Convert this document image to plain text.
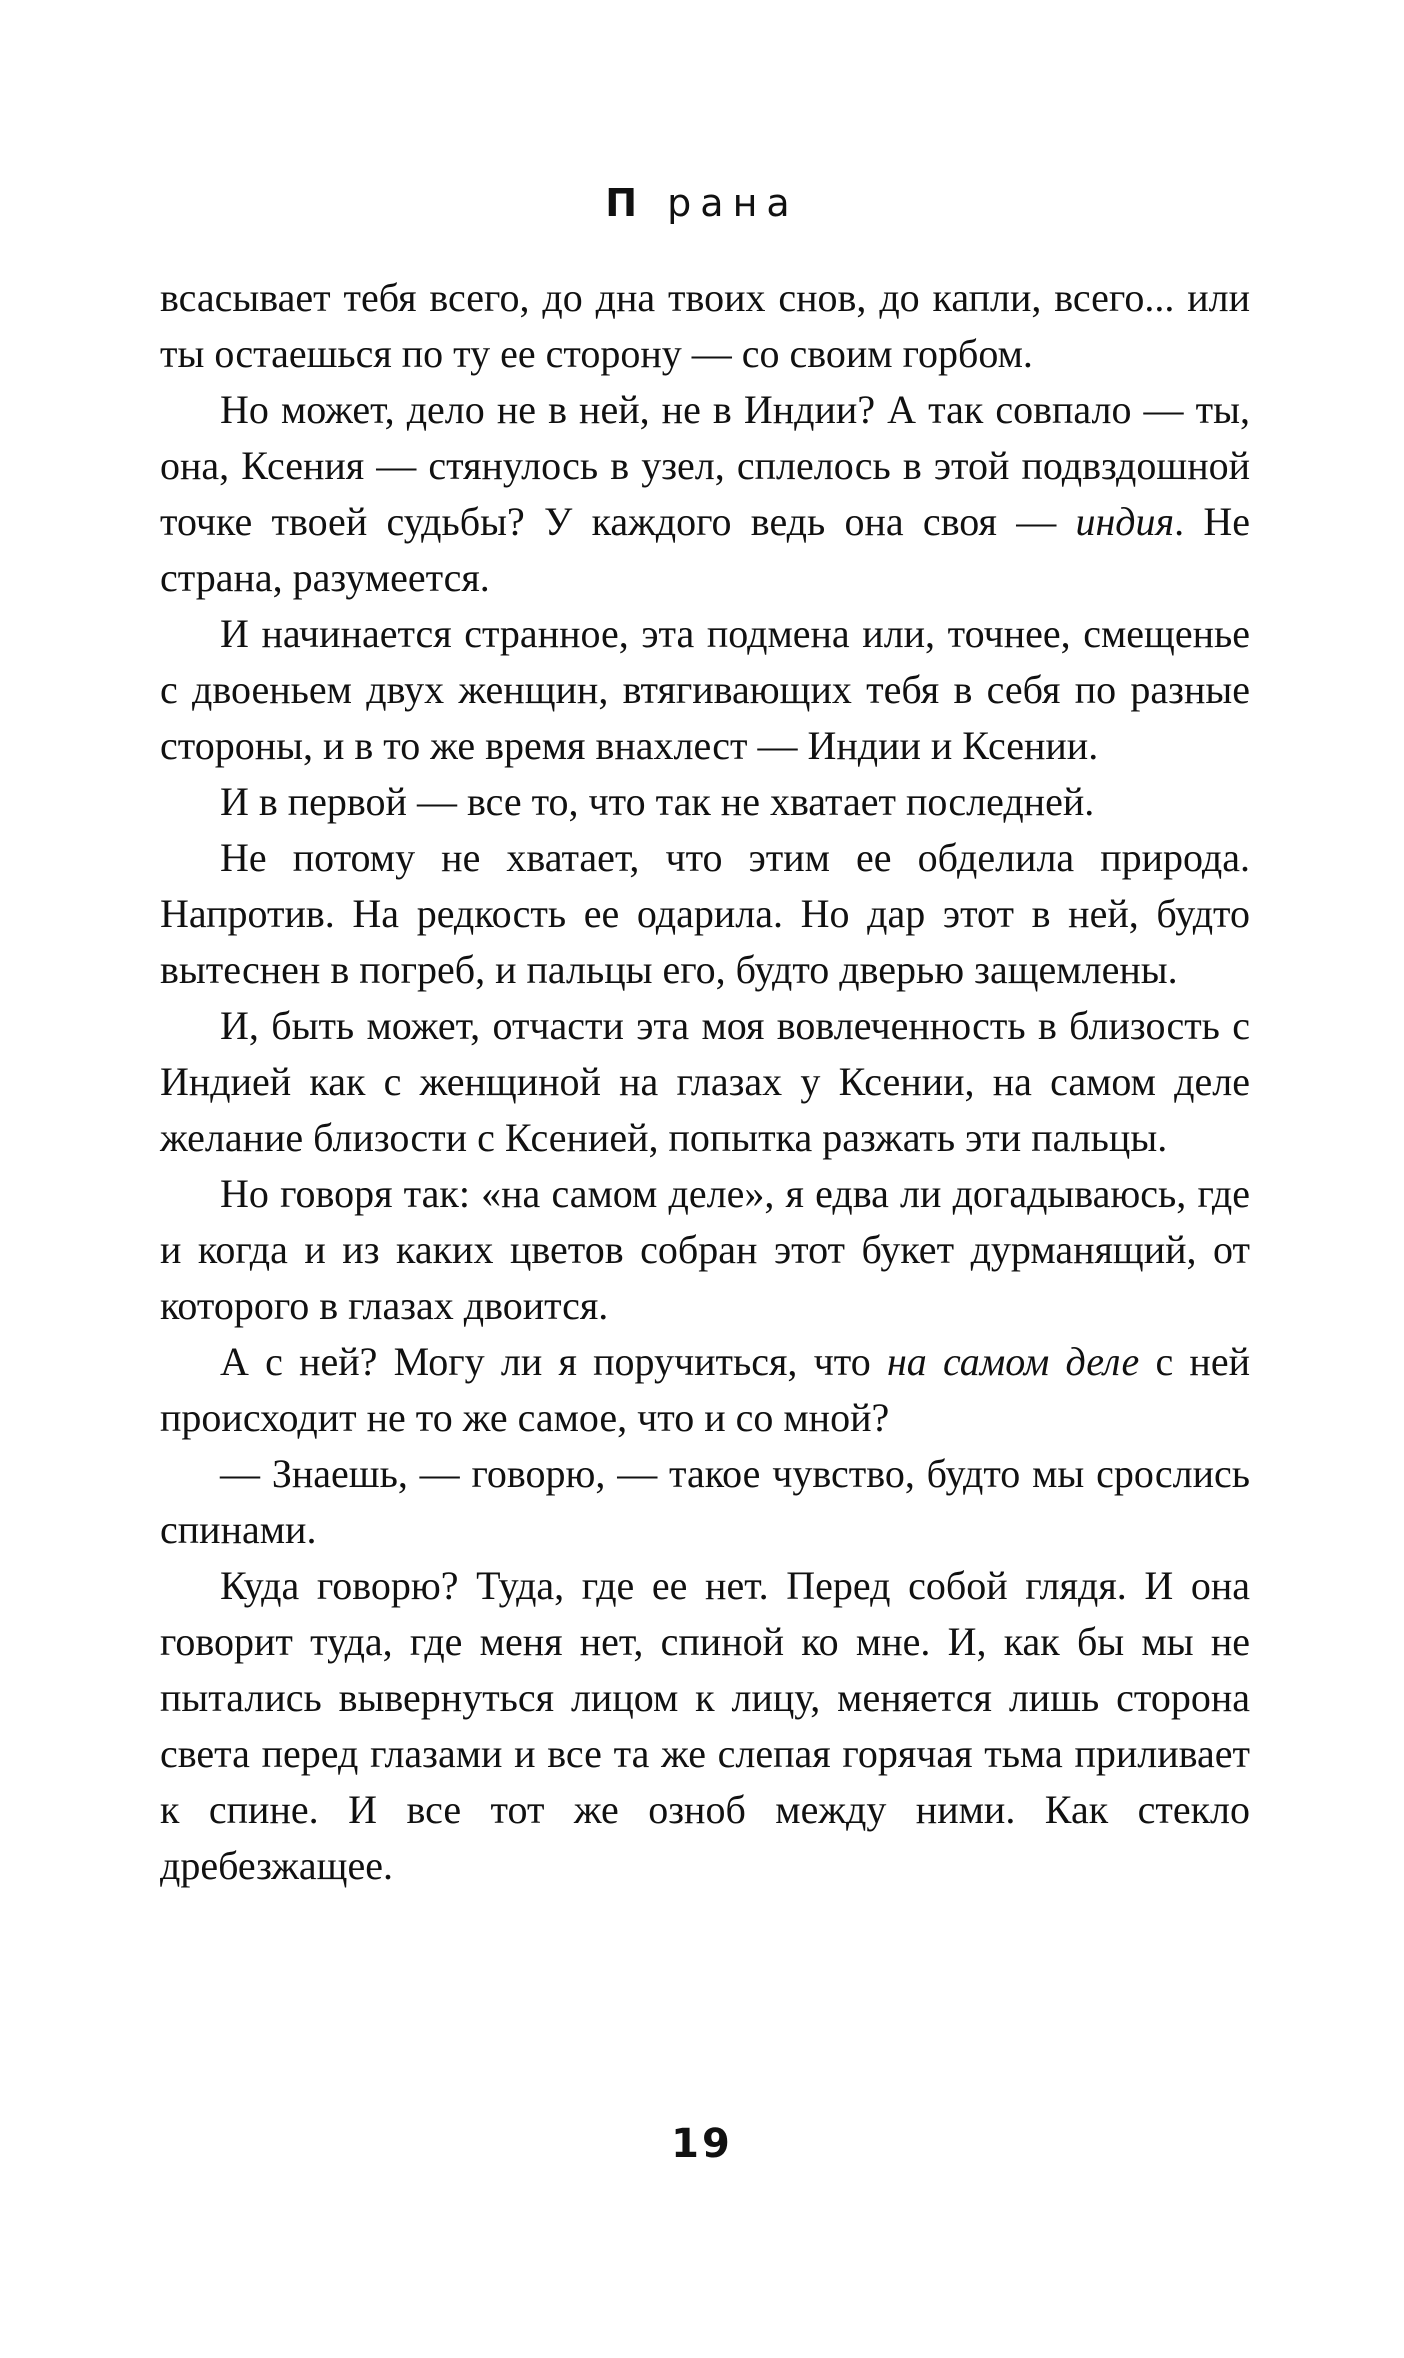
П рана

всасывает тебя всего, до дна твоих снов, до капли, всего... или ты остаешься по ту ее сторону — со своим горбом.

Но может, дело не в ней, не в Индии? А так совпало — ты, она, Ксения — стянулось в узел, сплелось в этой подвздошной точке твоей судьбы? У каждого ведь она своя — индия. Не страна, разумеется.

И начинается странное, эта подмена или, точнее, смещенье с двоеньем двух женщин, втягивающих тебя в себя по разные стороны, и в то же время внахлест — Индии и Ксении.

И в первой — все то, что так не хватает последней.

Не потому не хватает, что этим ее обделила природа. Напротив. На редкость ее одарила. Но дар этот в ней, будто вытеснен в погреб, и пальцы его, будто дверью защемлены.

И, быть может, отчасти эта моя вовлеченность в близость с Индией как с женщиной на глазах у Ксении, на самом деле желание близости с Ксенией, попытка разжать эти пальцы.

Но говоря так: «на самом деле», я едва ли догадываюсь, где и когда и из каких цветов собран этот букет дурманящий, от которого в глазах двоится.

А с ней? Могу ли я поручиться, что на самом деле с ней происходит не то же самое, что и со мной?

— Знаешь, — говорю, — такое чувство, будто мы срослись спинами.

Куда говорю? Туда, где ее нет. Перед собой глядя. И она говорит туда, где меня нет, спиной ко мне. И, как бы мы не пытались вывернуться лицом к лицу, меняется лишь сторона света перед глазами и все та же слепая горячая тьма приливает к спине. И все тот же озноб между ними. Как стекло дребезжащее.

19
